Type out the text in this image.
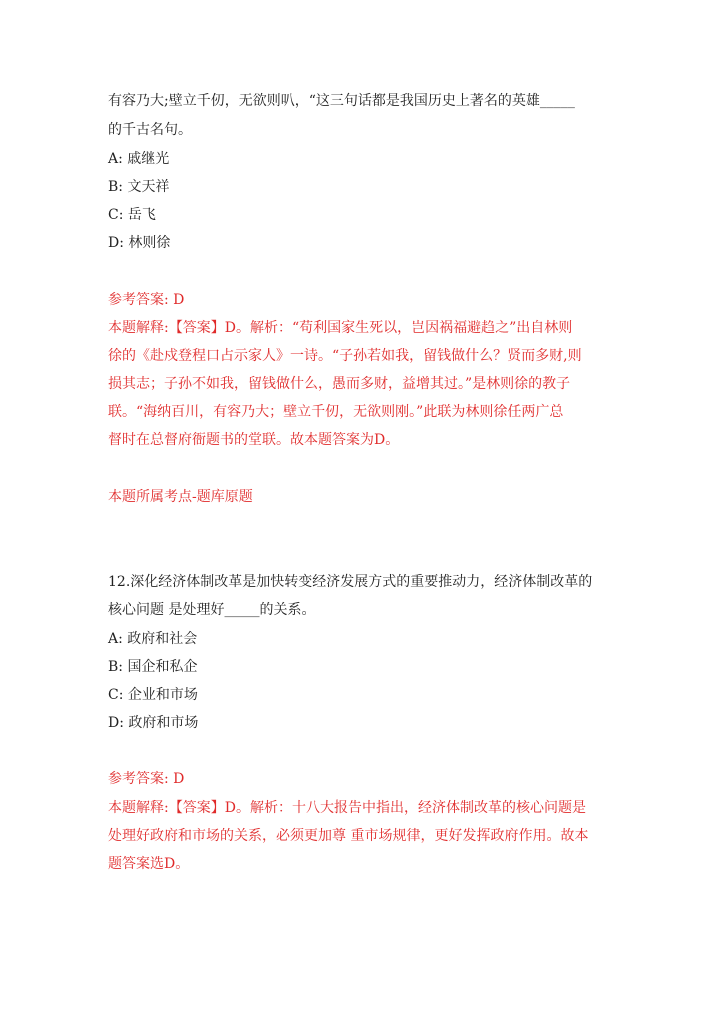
有容乃大;壁立千仞，无欲则叭，“这三句话都是我国历史上著名的英雄_____
的千古名句。
A: 戚继光
B: 文天祥
C: 岳飞
D: 林则徐
参考答案: D
本题解释:【答案】D。解析：“苟利国家生死以，岂因祸福避趋之”出自林则
徐的《赴戍登程口占示家人》一诗。“子孙若如我，留钱做什么？贤而多财,则
损其志；子孙不如我，留钱做什么，愚而多财，益增其过。”是林则徐的教子
联。“海纳百川，有容乃大；壁立千仞，无欲则刚。”此联为林则徐任两广总
督时在总督府衙题书的堂联。故本题答案为D。
本题所属考点-题库原题
12.深化经济体制改革是加快转变经济发展方式的重要推动力，经济体制改革的
核心问题 是处理好_____的关系。
A: 政府和社会
B: 国企和私企
C: 企业和市场
D: 政府和市场
参考答案: D
本题解释:【答案】D。解析：十八大报告中指出，经济体制改革的核心问题是
处理好政府和市场的关系，必须更加尊 重市场规律，更好发挥政府作用。故本
题答案选D。
